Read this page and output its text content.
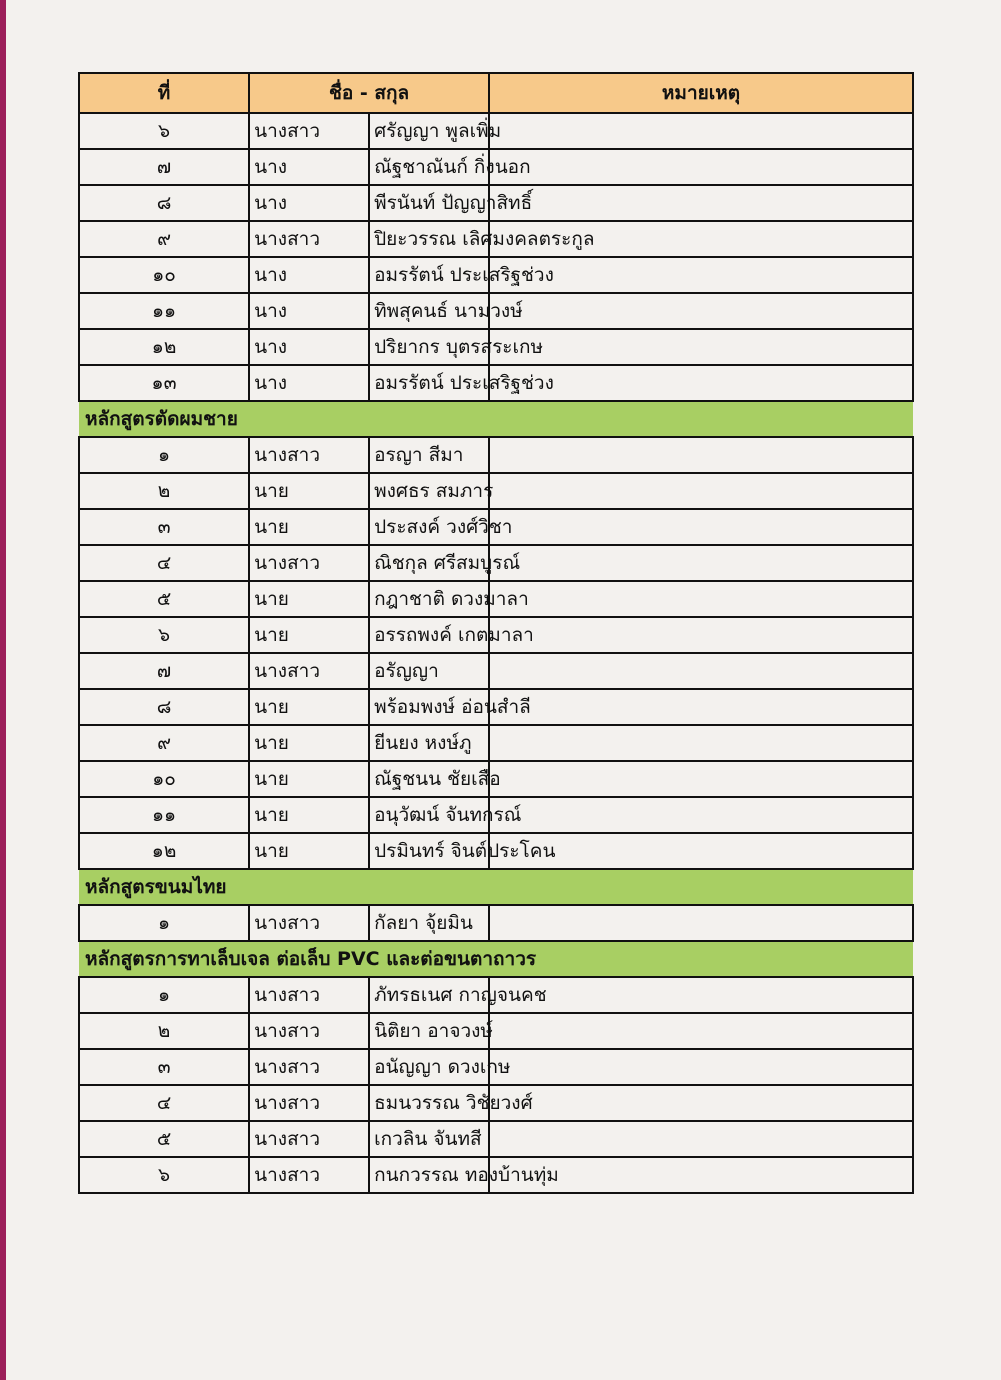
ที่	ชื่อ - สกุล		หมายเหตุ
๖	นางสาว	ศรัญญา พูลเพิ่ม	
๗	นาง	ณัฐชาณันก์ กิ่งนอก	
๘	นาง	พีรนันท์ ปัญญาสิทธิ์	
๙	นางสาว	ปิยะวรรณ เลิศมงคลตระกูล	
๑๐	นาง	อมรรัตน์ ประเสริฐช่วง	
๑๑	นาง	ทิพสุคนธ์ นามวงษ์	
๑๒	นาง	ปริยากร บุตรสระเกษ	
๑๓	นาง	อมรรัตน์ ประเสริฐช่วง	
หลักสูตรตัดผมชาย			
๑	นางสาว	อรญา สีมา	
๒	นาย	พงศธร สมภาร	
๓	นาย	ประสงค์ วงศ์วิชา	
๔	นางสาว	ณิชกุล ศรีสมบูรณ์	
๕	นาย	กฎาชาติ ดวงมาลา	
๖	นาย	อรรถพงค์ เกตมาลา	
๗	นางสาว	อรัญญา	
๘	นาย	พร้อมพงษ์ อ่อนสำลี	
๙	นาย	ยีนยง หงษ์ภู	
๑๐	นาย	ณัฐชนน ชัยเสือ	
๑๑	นาย	อนุวัฒน์ จันทกรณ์	
๑๒	นาย	ปรมินทร์ จินต์ประโคน	
หลักสูตรขนมไทย			
๑	นางสาว	กัลยา จุ้ยมิน	
หลักสูตรการทาเล็บเจล ต่อเล็บ PVC และต่อขนตาถาวร			
๑	นางสาว	ภัทรธเนศ กาญจนคช	
๒	นางสาว	นิติยา อาจวงษ์	
๓	นางสาว	อนัญญา ดวงเกษ	
๔	นางสาว	ธมนวรรณ วิชัยวงศ์	
๕	นางสาว	เกวลิน จันทสี	
๖	นางสาว	กนกวรรณ ทองบ้านทุ่ม	
